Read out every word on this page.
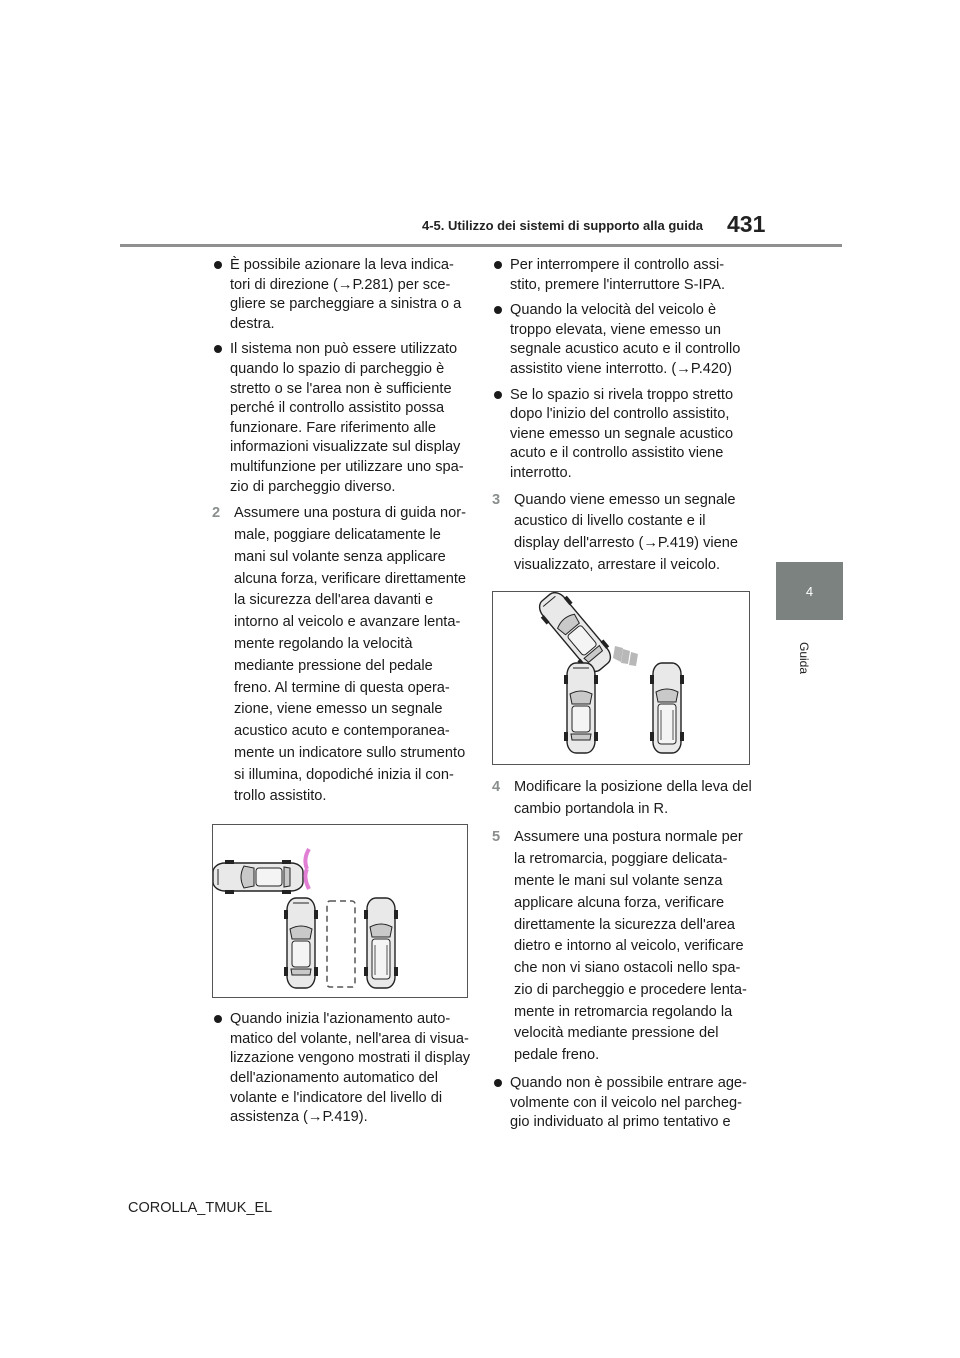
4-5. Utilizzo dei sistemi di supporto alla guida 431
4
Guida
È possibile azionare la leva indica-tori di direzione (→P.281) per sce-gliere se parcheggiare a sinistra o a destra.
Il sistema non può essere utilizzato quando lo spazio di parcheggio è stretto o se l'area non è sufficiente perché il controllo assistito possa funzionare. Fare riferimento alle informazioni visualizzate sul display multifunzione per utilizzare uno spa-zio di parcheggio diverso.
2 Assumere una postura di guida nor-male, poggiare delicatamente le mani sul volante senza applicare alcuna forza, verificare direttamente la sicurezza dell'area davanti e intorno al veicolo e avanzare lenta-mente regolando la velocità mediante pressione del pedale freno. Al termine di questa opera-zione, viene emesso un segnale acustico acuto e contemporanea-mente un indicatore sullo strumento si illumina, dopodiché inizia il con-trollo assistito.
Quando inizia l'azionamento auto-matico del volante, nell'area di visua-lizzazione vengono mostrati il display dell'azionamento automatico del volante e l'indicatore del livello di assistenza (→P.419).
Per interrompere il controllo assi-stito, premere l'interruttore S-IPA.
Quando la velocità del veicolo è troppo elevata, viene emesso un segnale acustico acuto e il controllo assistito viene interrotto. (→P.420)
Se lo spazio si rivela troppo stretto dopo l'inizio del controllo assistito, viene emesso un segnale acustico acuto e il controllo assistito viene interrotto.
3 Quando viene emesso un segnale acustico di livello costante e il display dell'arresto (→P.419) viene visualizzato, arrestare il veicolo.
4 Modificare la posizione della leva del cambio portandola in R.
5 Assumere una postura normale per la retromarcia, poggiare delicata-mente le mani sul volante senza applicare alcuna forza, verificare direttamente la sicurezza dell'area dietro e intorno al veicolo, verificare che non vi siano ostacoli nello spa-zio di parcheggio e procedere lenta-mente in retromarcia regolando la velocità mediante pressione del pedale freno.
Quando non è possibile entrare age-volmente con il veicolo nel parcheg-gio individuato al primo tentativo e
COROLLA_TMUK_EL
